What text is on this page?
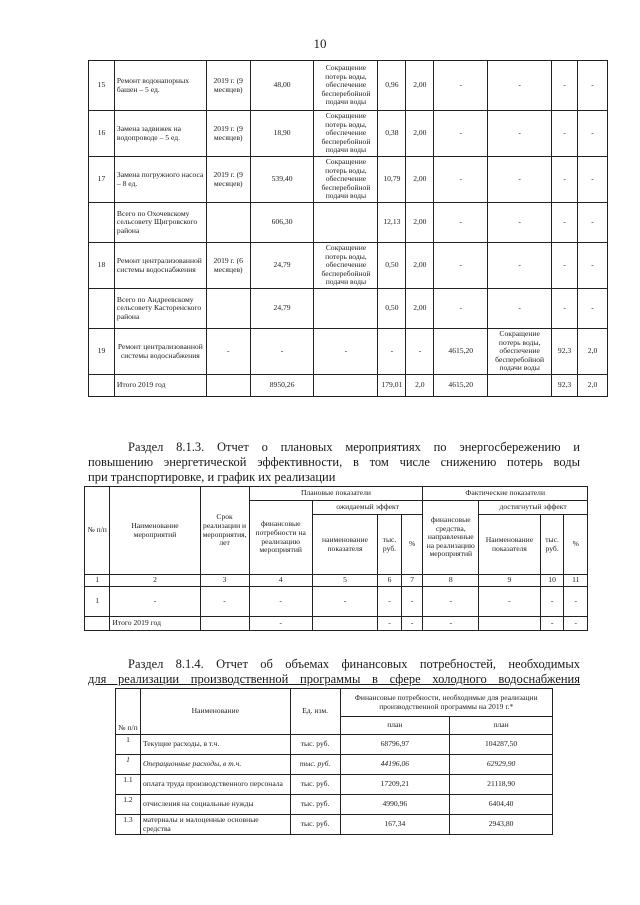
10
15	Ремонт водонапорных башен – 5 ед.	2019 г. (9 месяцев)	48,00	Сокращение потерь воды, обеспечение бесперебойной подачи воды	0,96	2,00	-	-	-	-
16	Замена задвижек на водопроводе – 5 ед.	2019 г. (9 месяцев)	18,90	Сокращение потерь воды, обеспечение бесперебойной подачи воды	0,38	2,00	-	-	-	-
17	Замена погружного насоса – 8 ед.	2019 г. (9 месяцев)	539,40	Сокращение потерь воды, обеспечение бесперебойной подачи воды	10,79	2,00	-	-	-	-
	Всего по Охочевскому сельсовету Щигровского района		606,30		12,13	2,00	-	-	-	-
18	Ремонт централизованной системы водоснабжения	2019 г. (6 месяцев)	24,79	Сокращение потерь воды, обеспечение бесперебойной подачи воды	0,50	2,00	-	-	-	-
	Всего по Андреевскому сельсовету Касторенского района		24,79		0,50	2,00	-	-	-	-
19	Ремонт централизованной системы водоснабжения	-	-	-	-	-	4615,20	Сокращение потерь воды, обеспечение бесперебойной подачи воды	92,3	2,0
	Итого 2019 год		8950,26		179,01	2,0	4615,20		92,3	2,0
Раздел 8.1.3. Отчет о плановых мероприятиях по энергосбережению и
повышению энергетической эффективности, в том числе снижению потерь воды
при транспортировке, и график их реализации
№ п/п	Наименование мероприятий	Срок реализации и мероприятия, лет	Плановые показатели				Фактические показатели			
			финансовые потребности на реализацию мероприятий	ожидаемый эффект			финансовые средства, направленные на реализацию мероприятий	достигнутый эффект		
				наименование показателя	тыс. руб.	%		Наименование показателя	тыс. руб.	%
1	2	3	4	5	6	7	8	9	10	11
1	-	-	-	-	-	-	-	-	-	-
	Итого 2019 год		-		-	-	-		-	-
Раздел 8.1.4. Отчет об объемах финансовых потребностей, необходимых
для реализации производственной программы в сфере холодного водоснабжения
№ п/п	Наименование	Ед. изм.	Финансовые потребности, необходимые для реализации производственной программы на 2019 г.*	
			план	план
1	Текущие расходы, в т.ч.	тыс. руб.	68796,97	104287,50
1	Операционные расходы, в т.ч.	тыс. руб.	44196,06	62929,90
1.1	оплата труда производственного персонала	тыс. руб.	17209,21	21118,90
1.2	отчисления на социальные нужды	тыс. руб.	4990,96	6404,40
1.3	материалы и малоценные основные средства	тыс. руб.	167,34	2943,80
